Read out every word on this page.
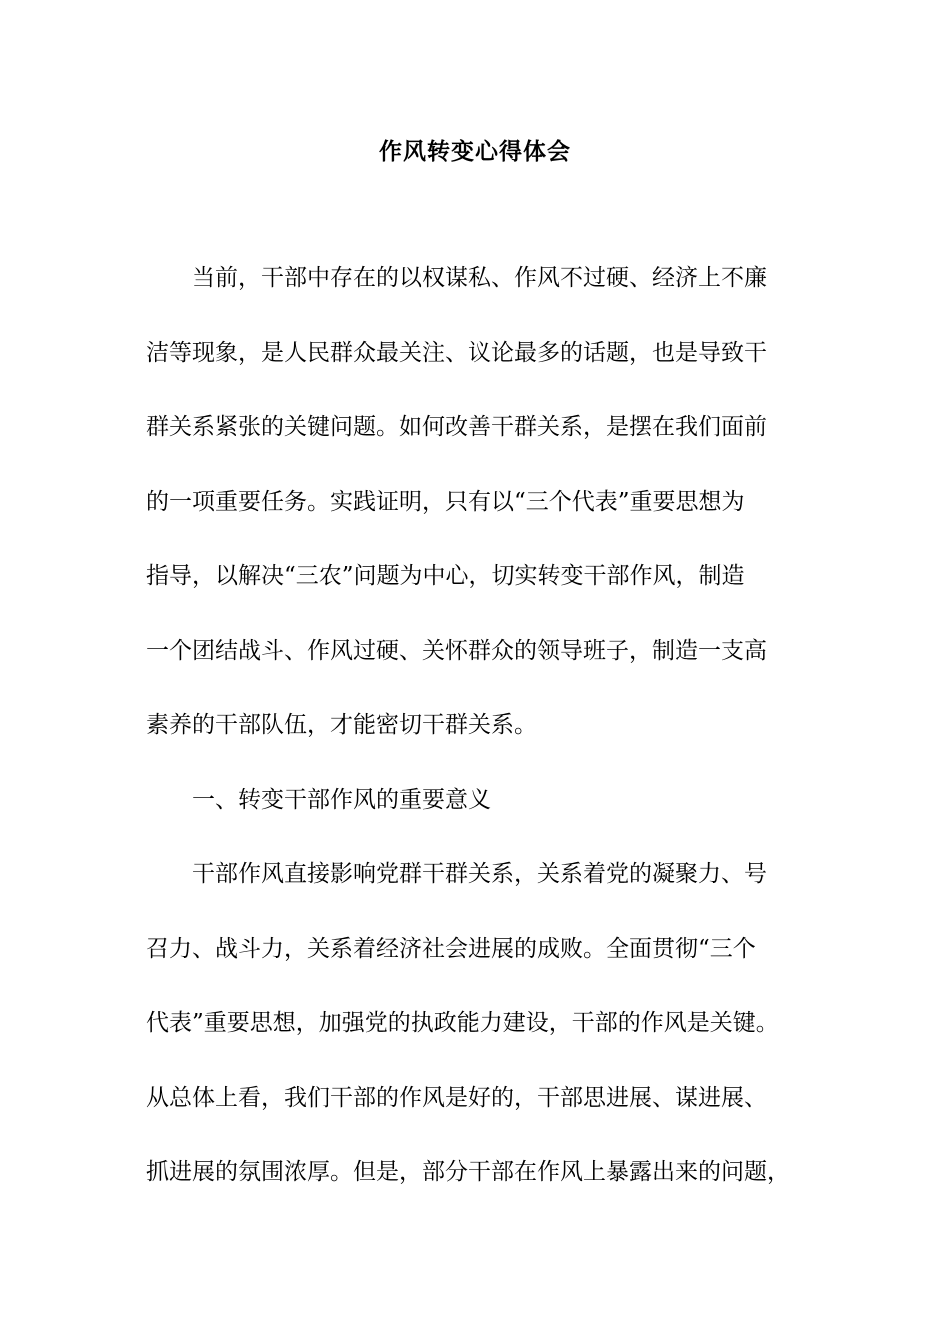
作风转变心得体会
当前，干部中存在的以权谋私、作风不过硬、经济上不廉
洁等现象，是人民群众最关注、议论最多的话题，也是导致干
群关系紧张的关键问题。如何改善干群关系，是摆在我们面前
的一项重要任务。实践证明，只有以“三个代表”重要思想为
指导，以解决“三农”问题为中心，切实转变干部作风，制造
一个团结战斗、作风过硬、关怀群众的领导班子，制造一支高
素养的干部队伍，才能密切干群关系。
一、转变干部作风的重要意义
干部作风直接影响党群干群关系，关系着党的凝聚力、号
召力、战斗力，关系着经济社会进展的成败。全面贯彻“三个
代表”重要思想，加强党的执政能力建设，干部的作风是关键。
从总体上看，我们干部的作风是好的，干部思进展、谋进展、
抓进展的氛围浓厚。但是，部分干部在作风上暴露出来的问题，
